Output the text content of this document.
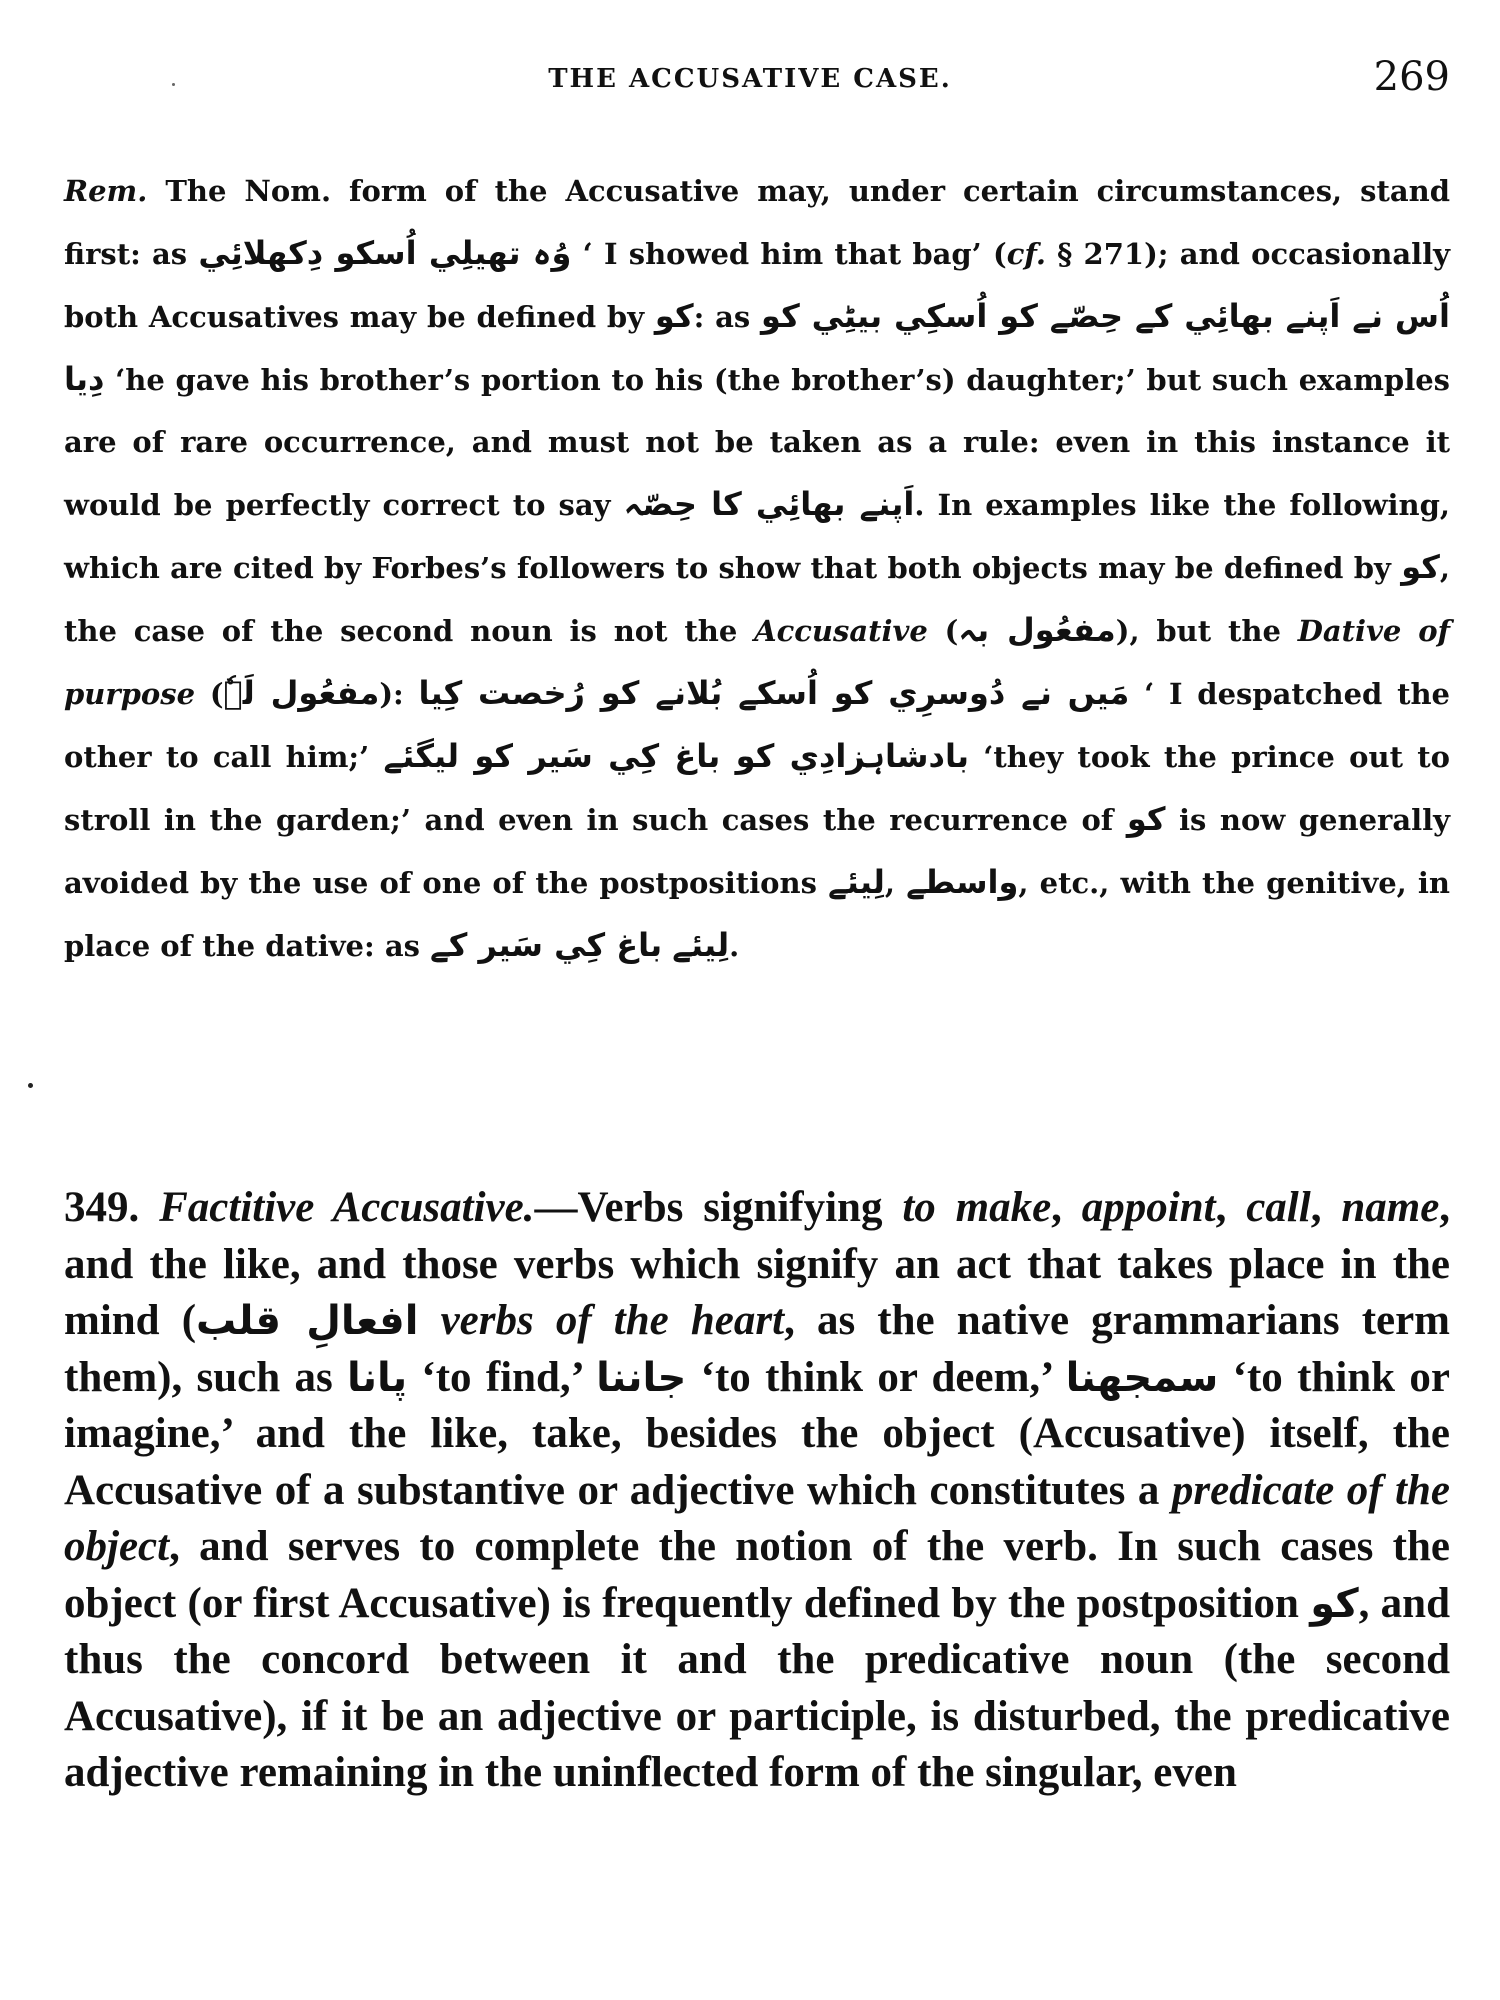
THE ACCUSATIVE CASE.	269
Rem. The Nom. form of the Accusative may, under certain circumstances, stand first: as وُہ تھیلِي اُسکو دِکھلائِي ‘ I showed him that bag’ (cf. § 271); and occasionally both Accusatives may be defined by کو: as اُس نے اَپنے بھائِي کے حِصّے کو اُسکِي بيٹِي کو دِيا ‘he gave his brother’s portion to his (the brother’s) daughter;’ but such examples are of rare occurrence, and must not be taken as a rule: even in this instance it would be perfectly correct to say اَپنے بھائِي کا حِصّہ. In examples like the following, which are cited by Forbes’s followers to show that both objects may be defined by کو, the case of the second noun is not the Accusative (مفعُول بہ), but the Dative of purpose (مفعُول لَہٗ): مَیں نے دُوسرِي کو اُسکے بُلانے کو رُخصت کِيا ‘ I despatched the other to call him;’ بادشاہزادِي کو باغ کِي سَیر کو لیگئے ‘they took the prince out to stroll in the garden;’ and even in such cases the recurrence of کو is now generally avoided by the use of one of the postpositions لِیئے, واسطے, etc., with the genitive, in place of the dative: as باغ کِي سَیر کے لِیئے.
349. Factitive Accusative.—Verbs signifying to make, appoint, call, name, and the like, and those verbs which signify an act that takes place in the mind (افعالِ قلب verbs of the heart, as the native grammarians term them), such as پانا ‘to find,’ جاننا ‘to think or deem,’ سمجھنا ‘to think or imagine,’ and the like, take, besides the object (Accusative) itself, the Accusative of a substantive or adjective which constitutes a predicate of the object, and serves to complete the notion of the verb. In such cases the object (or first Accusative) is frequently defined by the postposition کو, and thus the concord between it and the predicative noun (the second Accusative), if it be an adjective or participle, is disturbed, the predicative adjective remaining in the uninflected form of the singular, even
